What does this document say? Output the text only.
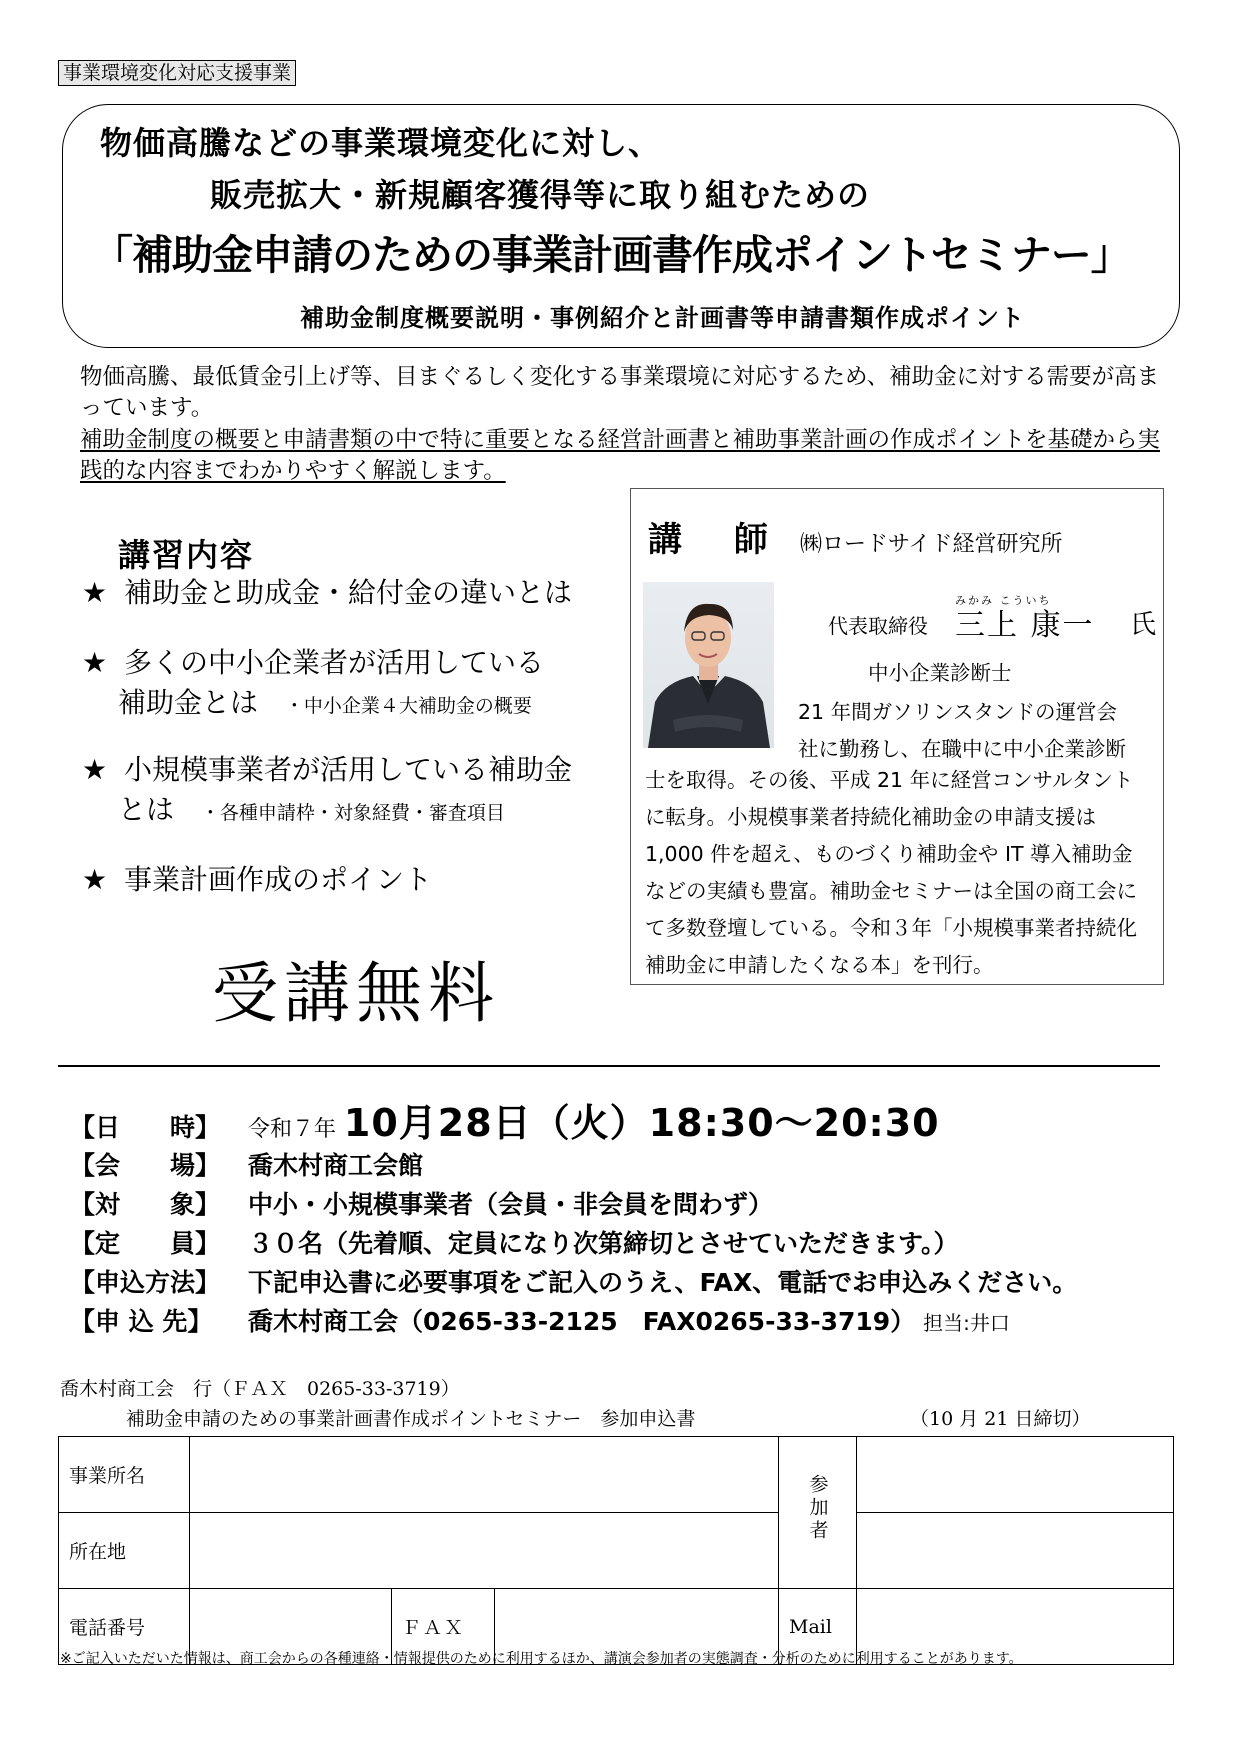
事業環境変化対応支援事業
物価高騰などの事業環境変化に対し、
販売拡大・新規顧客獲得等に取り組むための
「補助金申請のための事業計画書作成ポイントセミナー」
補助金制度概要説明・事例紹介と計画書等申請書類作成ポイント
物価高騰、最低賃金引上げ等、目まぐるしく変化する事業環境に対応するため、補助金に対する需要が高まっています。
補助金制度の概要と申請書類の中で特に重要となる経営計画書と補助事業計画の作成ポイントを基礎から実践的な内容までわかりやすく解説します。
講習内容
★ 補助金と助成金・給付金の違いとは
★ 多くの中小企業者が活用している
補助金とは ・中小企業４大補助金の概要
★ 小規模事業者が活用している補助金
とは ・各種申請枠・対象経費・審査項目
★ 事業計画作成のポイント
受講無料
講 師 ㈱ロードサイド経営研究所
みかみ こういち
代表取締役 三上 康一 氏
中小企業診断士
21 年間ガソリンスタンドの運営会
社に勤務し、在職中に中小企業診断
士を取得。その後、平成 21 年に経営コンサルタントに転身。小規模事業者持続化補助金の申請支援は 1,000 件を超え、ものづくり補助金や IT 導入補助金などの実績も豊富。補助金セミナーは全国の商工会にて多数登壇している。令和３年「小規模事業者持続化補助金に申請したくなる本」を刊行。
【日　　時】 令和７年 10月28日（火）18:30～20:30
【会　　場】 喬木村商工会館
【対　　象】 中小・小規模事業者（会員・非会員を問わず）
【定　　員】 ３０名（先着順、定員になり次第締切とさせていただきます。）
【申込方法】 下記申込書に必要事項をご記入のうえ、FAX、電話でお申込みください。
【申 込 先】 喬木村商工会（0265-33-2125　FAX0265-33-3719） 担当:井口
喬木村商工会　行（ＦＡＸ　0265-33-3719）
補助金申請のための事業計画書作成ポイントセミナー　参加申込書	（10 月 21 日締切）
事業所名				参加者	
所在地					
電話番号		ＦＡＸ		Mail	
※ご記入いただいた情報は、商工会からの各種連絡・情報提供のために利用するほか、講演会参加者の実態調査・分析のために利用することがあります。
